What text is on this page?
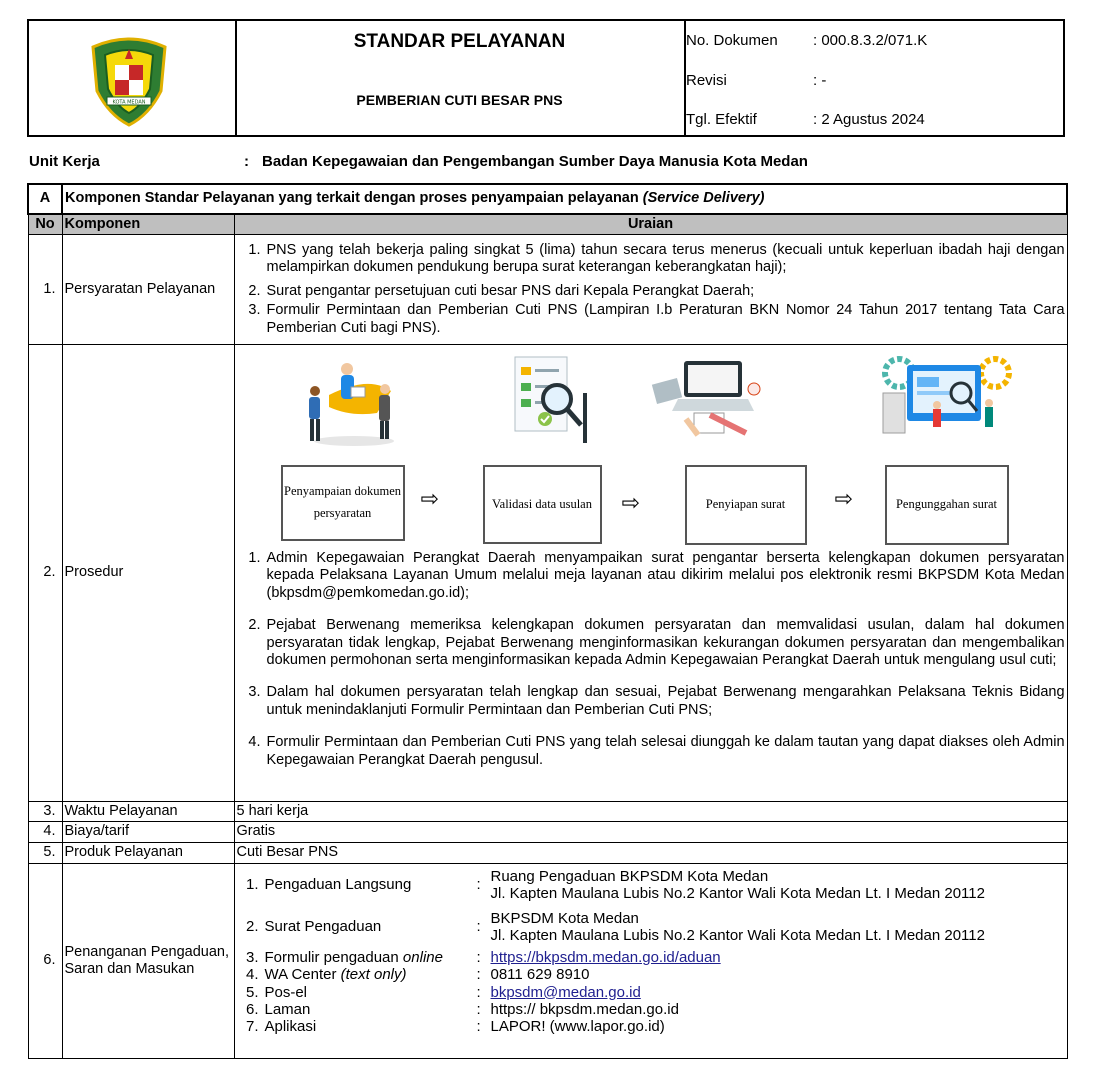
KOTA MEDAN
STANDAR PELAYANAN
PEMBERIAN CUTI BESAR PNS
No. Dokumen : 000.8.3.2/071.K
Revisi	: -
Tgl. Efektif	: 2 Agustus 2024
Unit Kerja	: Badan Kepegawaian dan Pengembangan Sumber Daya Manusia Kota Medan
A	Komponen Standar Pelayanan yang terkait dengan proses penyampaian pelayanan (Service Delivery)
No	Komponen	Uraian
1.	Persyaratan Pelayanan	
1. PNS yang telah bekerja paling singkat 5 (lima) tahun secara terus menerus (kecuali untuk keperluan ibadah haji dengan melampirkan dokumen pendukung berupa surat keterangan keberangkatan haji);
2. Surat pengantar persetujuan cuti besar PNS dari Kepala Perangkat Daerah;
3. Formulir Permintaan dan Pemberian Cuti PNS (Lampiran I.b Peraturan BKN Nomor 24 Tahun 2017 tentang Tata Cara Pemberian Cuti bagi PNS).

2.	Prosedur	
Penyampaian dokumen persyaratan
⇨	Validasi data usulan	⇨	Penyiapan surat	⇨	Pengunggahan surat
1. Admin Kepegawaian Perangkat Daerah menyampaikan surat pengantar berserta kelengkapan dokumen persyaratan kepada Pelaksana Layanan Umum melalui meja layanan atau dikirim melalui pos elektronik resmi BKPSDM Kota Medan (bkpsdm@pemkomedan.go.id);
2. Pejabat Berwenang memeriksa kelengkapan dokumen persyaratan dan memvalidasi usulan, dalam hal dokumen persyaratan tidak lengkap, Pejabat Berwenang menginformasikan kekurangan dokumen persyaratan dan mengembalikan dokumen permohonan serta menginformasikan kepada Admin Kepegawaian Perangkat Daerah untuk mengulang usul cuti;
3. Dalam hal dokumen persyaratan telah lengkap dan sesuai, Pejabat Berwenang mengarahkan Pelaksana Teknis Bidang untuk menindaklanjuti Formulir Permintaan dan Pemberian Cuti PNS;
4. Formulir Permintaan dan Pemberian Cuti PNS yang telah selesai diunggah ke dalam tautan yang dapat diakses oleh Admin Kepegawaian Perangkat Daerah pengusul.

3.	Waktu Pelayanan	5 hari kerja
4.	Biaya/tarif	Gratis
5.	Produk Pelayanan	Cuti Besar PNS
6.	Penanganan Pengaduan, Saran dan Masukan	
1.	Pengaduan Langsung	:	Ruang Pengaduan BKPSDM Kota Medan
Jl. Kapten Maulana Lubis No.2 Kantor Wali Kota Medan Lt. I Medan 20112

2.	Surat Pengaduan	:	BKPSDM Kota Medan
Jl. Kapten Maulana Lubis No.2 Kantor Wali Kota Medan Lt. I Medan 20112

3.	Formulir pengaduan online	:	https://bkpsdm.medan.go.id/aduan
4.	WA Center (text only)	:	0811 629 8910
5.	Pos-el	:	bkpsdm@medan.go.id
6.	Laman	:	https:// bkpsdm.medan.go.id
7.	Aplikasi	:	LAPOR! (www.lapor.go.id)
